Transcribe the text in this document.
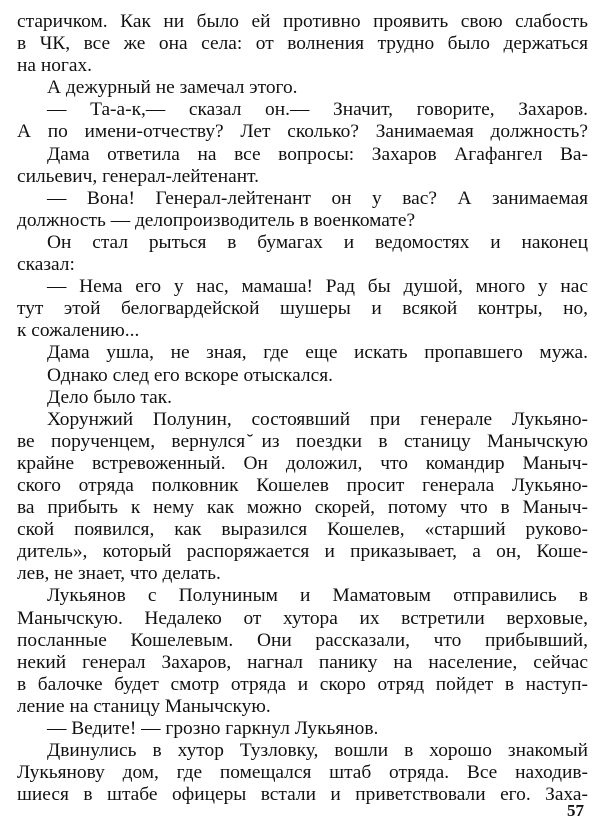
старичком. Как ни было ей противно проявить свою слабость
в ЧК, все же она села: от волнения трудно было держаться
на ногах.
А дежурный не замечал этого.
— Та-а-к,— сказал он.— Значит, говорите, Захаров.
А по имени-отчеству? Лет сколько? Занимаемая должность?
Дама ответила на все вопросы: Захаров Агафангел Ва-
сильевич, генерал-лейтенант.
— Вона! Генерал-лейтенант он у вас? А занимаемая
должность — делопроизводитель в военкомате?
Он стал рыться в бумагах и ведомостях и наконец
сказал:
— Нема его у нас, мамаша! Рад бы душой, много у нас
тут этой белогвардейской шушеры и всякой контры, но,
к сожалению...
Дама ушла, не зная, где еще искать пропавшего мужа.
Однако след его вскоре отыскался.
Дело было так.
Хорунжий Полунин, состоявший при генерале Лукьяно-
ве порученцем, вернулся ̆из поездки в станицу Манычскую
крайне встревоженный. Он доложил, что командир Маныч-
ского отряда полковник Кошелев просит генерала Лукьяно-
ва прибыть к нему как можно скорей, потому что в Маныч-
ской появился, как выразился Кошелев, «старший руково-
дитель», который распоряжается и приказывает, а он, Коше-
лев, не знает, что делать.
Лукьянов с Полуниным и Маматовым отправились в
Манычскую. Недалеко от хутора их встретили верховые,
посланные Кошелевым. Они рассказали, что прибывший,
некий генерал Захаров, нагнал панику на население, сейчас
в балочке будет смотр отряда и скоро отряд пойдет в наступ-
ление на станицу Манычскую.
— Ведите! — грозно гаркнул Лукьянов.
Двинулись в хутор Тузловку, вошли в хорошо знакомый
Лукьянову дом, где помещался штаб отряда. Все находив-
шиеся в штабе офицеры встали и приветствовали его. Заха-
57
